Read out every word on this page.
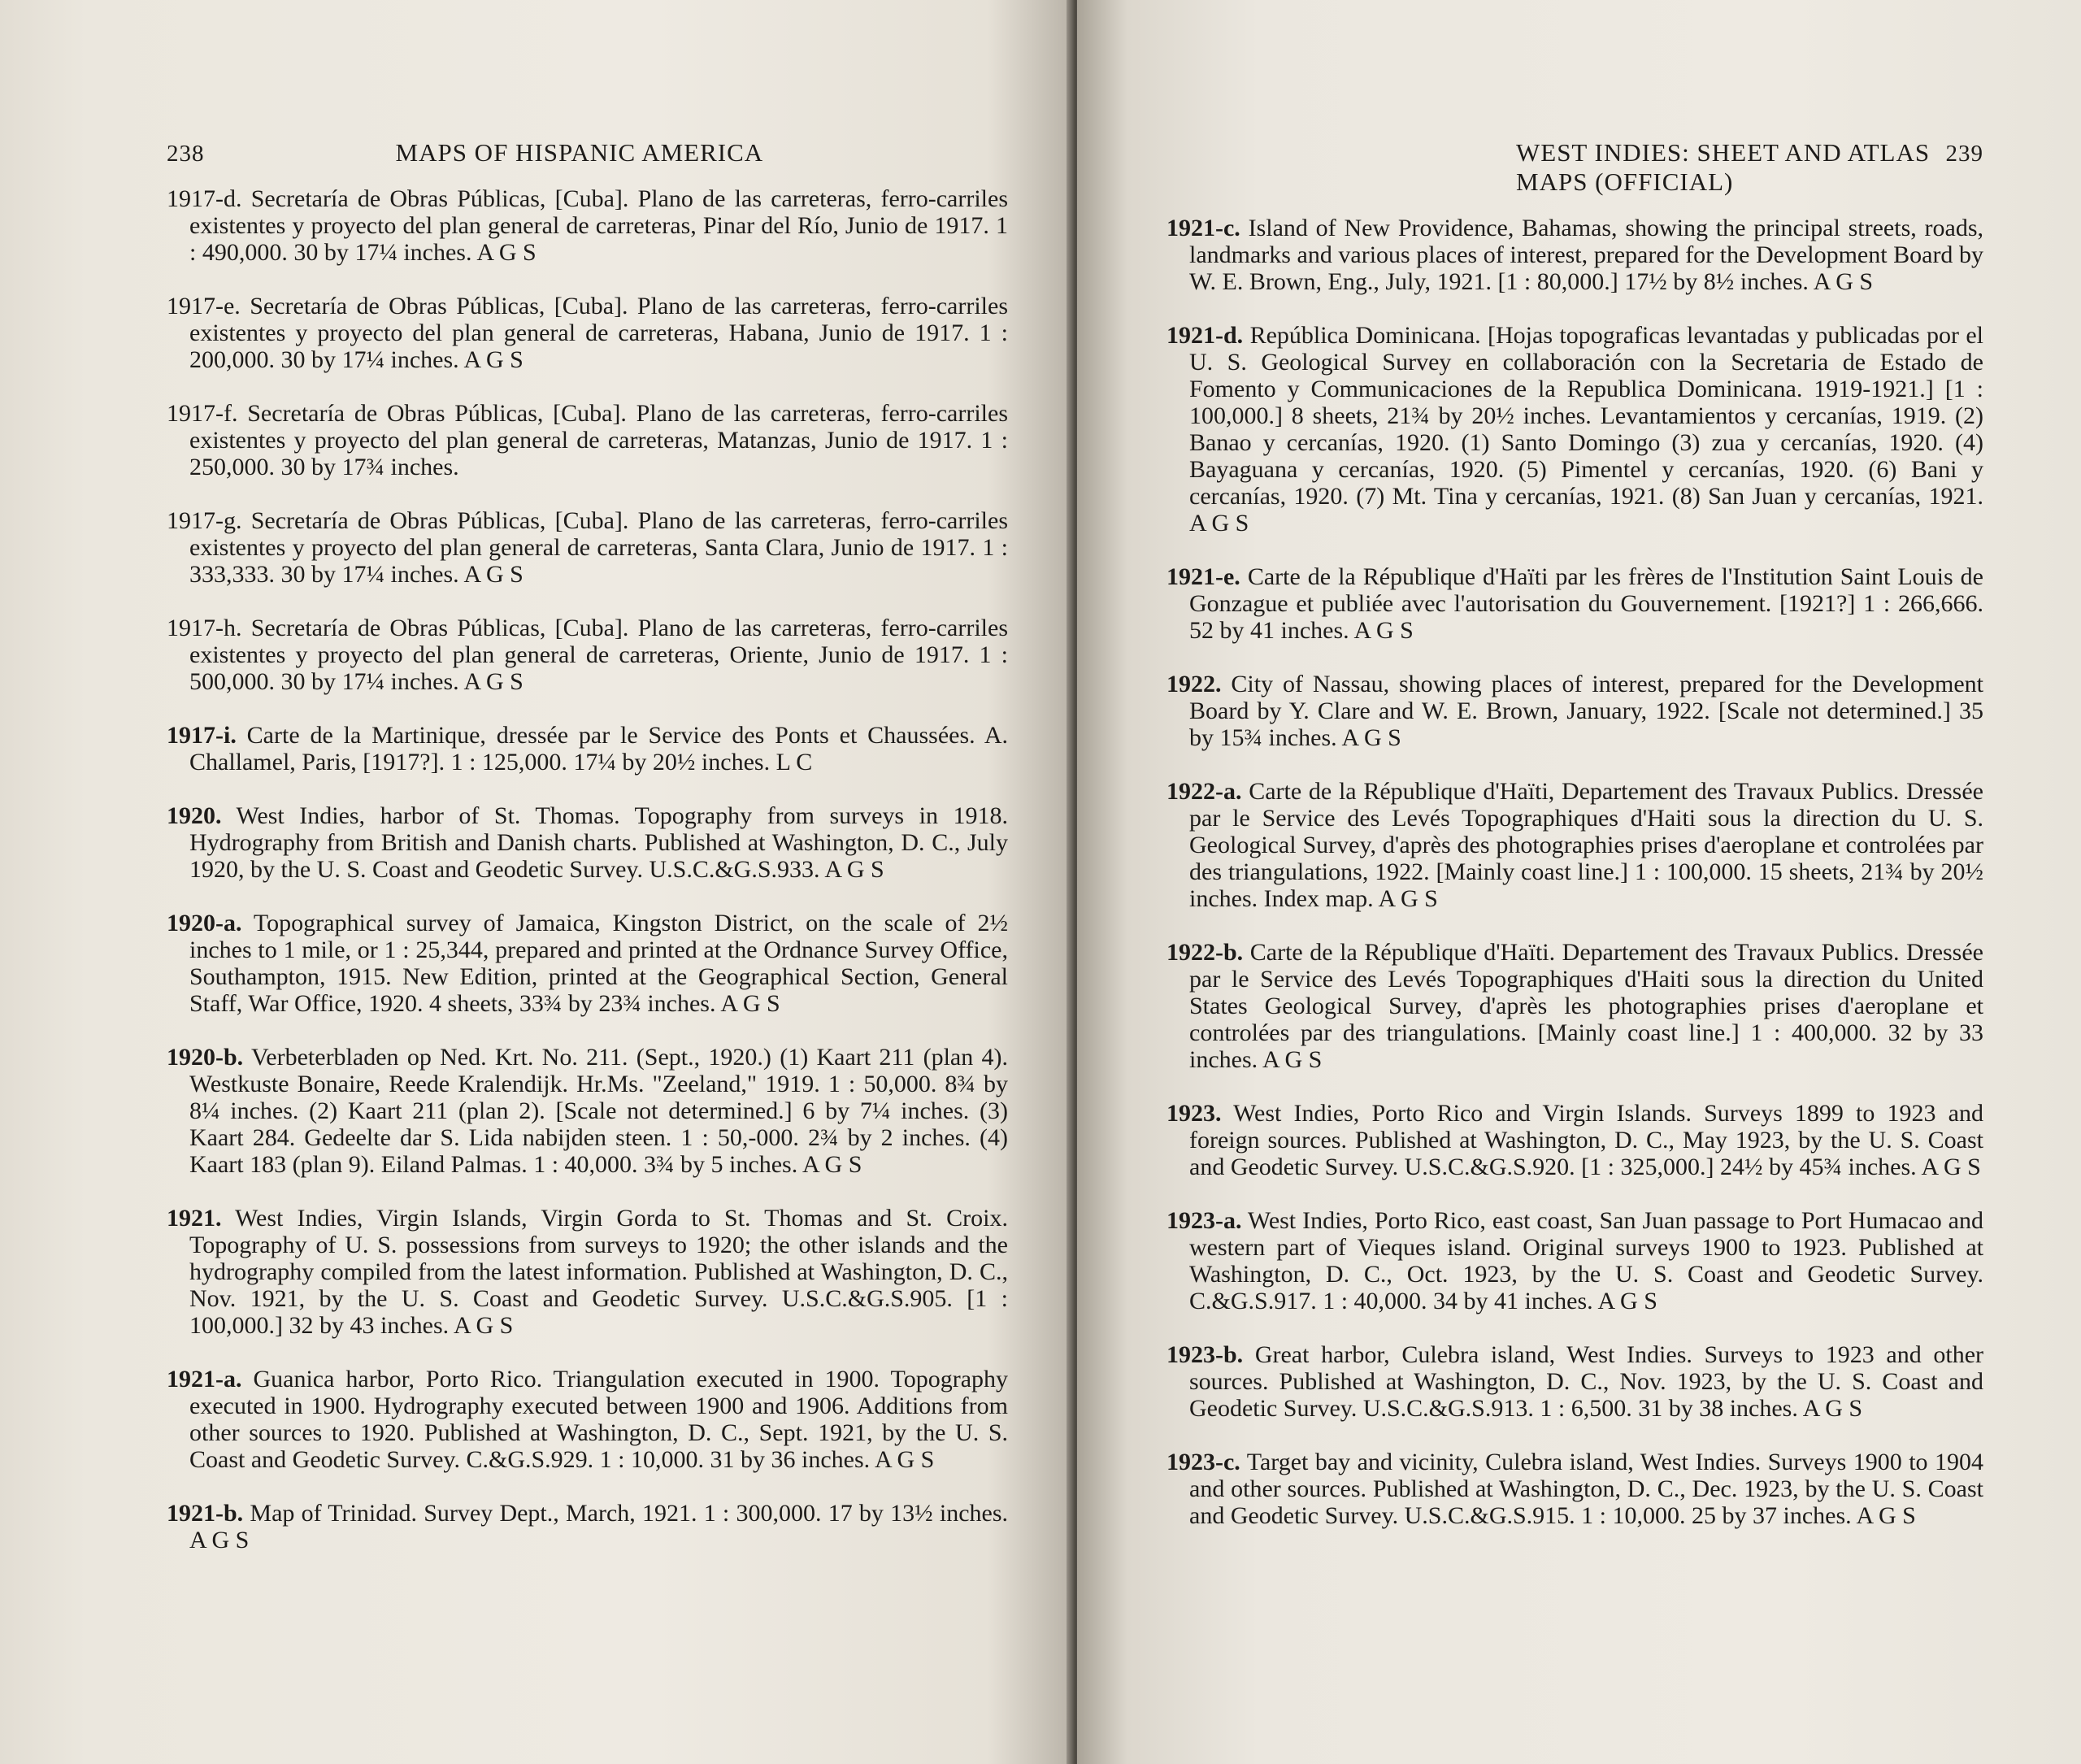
238	MAPS OF HISPANIC AMERICA

1917-d. Secretaría de Obras Públicas, [Cuba]. Plano de las carreteras, ferro-carriles existentes y proyecto del plan general de carreteras, Pinar del Río, Junio de 1917. 1 : 490,000. 30 by 17¼ inches. A G S

1917-e. Secretaría de Obras Públicas, [Cuba]. Plano de las carreteras, ferro-carriles existentes y proyecto del plan general de carreteras, Habana, Junio de 1917. 1 : 200,000. 30 by 17¼ inches. A G S

1917-f. Secretaría de Obras Públicas, [Cuba]. Plano de las carreteras, ferro-carriles existentes y proyecto del plan general de carreteras, Matanzas, Junio de 1917. 1 : 250,000. 30 by 17¾ inches.

1917-g. Secretaría de Obras Públicas, [Cuba]. Plano de las carreteras, ferro-carriles existentes y proyecto del plan general de carreteras, Santa Clara, Junio de 1917. 1 : 333,333. 30 by 17¼ inches. A G S

1917-h. Secretaría de Obras Públicas, [Cuba]. Plano de las carreteras, ferro-carriles existentes y proyecto del plan general de carreteras, Oriente, Junio de 1917. 1 : 500,000. 30 by 17¼ inches. A G S

1917-i. Carte de la Martinique, dressée par le Service des Ponts et Chaussées. A. Challamel, Paris, [1917?]. 1 : 125,000. 17¼ by 20½ inches. L C

1920. West Indies, harbor of St. Thomas. Topography from surveys in 1918. Hydrography from British and Danish charts. Published at Washington, D. C., July 1920, by the U. S. Coast and Geodetic Survey. U.S.C.&G.S.933. A G S

1920-a. Topographical survey of Jamaica, Kingston District, on the scale of 2½ inches to 1 mile, or 1 : 25,344, prepared and printed at the Ordnance Survey Office, Southampton, 1915. New Edition, printed at the Geographical Section, General Staff, War Office, 1920. 4 sheets, 33¾ by 23¾ inches. A G S

1920-b. Verbeterbladen op Ned. Krt. No. 211. (Sept., 1920.) (1) Kaart 211 (plan 4). Westkuste Bonaire, Reede Kralendijk. Hr.Ms. "Zeeland," 1919. 1 : 50,000. 8¾ by 8¼ inches. (2) Kaart 211 (plan 2). [Scale not determined.] 6 by 7¼ inches. (3) Kaart 284. Gedeelte dar S. Lida nabijden steen. 1 : 50,-000. 2¾ by 2 inches. (4) Kaart 183 (plan 9). Eiland Palmas. 1 : 40,000. 3¾ by 5 inches. A G S

1921. West Indies, Virgin Islands, Virgin Gorda to St. Thomas and St. Croix. Topography of U. S. possessions from surveys to 1920; the other islands and the hydrography compiled from the latest information. Published at Washington, D. C., Nov. 1921, by the U. S. Coast and Geodetic Survey. U.S.C.&G.S.905. [1 : 100,000.] 32 by 43 inches. A G S

1921-a. Guanica harbor, Porto Rico. Triangulation executed in 1900. Topography executed in 1900. Hydrography executed between 1900 and 1906. Additions from other sources to 1920. Published at Washington, D. C., Sept. 1921, by the U. S. Coast and Geodetic Survey. C.&G.S.929. 1 : 10,000. 31 by 36 inches. A G S

1921-b. Map of Trinidad. Survey Dept., March, 1921. 1 : 300,000. 17 by 13½ inches. A G S

WEST INDIES: SHEET AND ATLAS MAPS (OFFICIAL)
239

1921-c. Island of New Providence, Bahamas, showing the principal streets, roads, landmarks and various places of interest, prepared for the Development Board by W. E. Brown, Eng., July, 1921. [1 : 80,000.] 17½ by 8½ inches. A G S

1921-d. República Dominicana. [Hojas topograficas levantadas y publicadas por el U. S. Geological Survey en collaboración con la Secretaria de Estado de Fomento y Communicaciones de la Republica Dominicana. 1919-1921.] [1 : 100,000.] 8 sheets, 21¾ by 20½ inches. Levantamientos y cercanías, 1919. (2) Banao y cercanías, 1920. (1) Santo Domingo (3) zua y cercanías, 1920. (4) Bayaguana y cercanías, 1920. (5) Pimentel y cercanías, 1920. (6) Bani y cercanías, 1920. (7) Mt. Tina y cercanías, 1921. (8) San Juan y cercanías, 1921. A G S

1921-e. Carte de la République d'Haïti par les frères de l'Institution Saint Louis de Gonzague et publiée avec l'autorisation du Gouvernement. [1921?] 1 : 266,666. 52 by 41 inches. A G S

1922. City of Nassau, showing places of interest, prepared for the Development Board by Y. Clare and W. E. Brown, January, 1922. [Scale not determined.] 35 by 15¾ inches. A G S

1922-a. Carte de la République d'Haïti, Departement des Travaux Publics. Dressée par le Service des Levés Topographiques d'Haiti sous la direction du U. S. Geological Survey, d'après des photographies prises d'aeroplane et controlées par des triangulations, 1922. [Mainly coast line.] 1 : 100,000. 15 sheets, 21¾ by 20½ inches. Index map. A G S

1922-b. Carte de la République d'Haïti. Departement des Travaux Publics. Dressée par le Service des Levés Topographiques d'Haiti sous la direction du United States Geological Survey, d'après les photographies prises d'aeroplane et controlées par des triangulations. [Mainly coast line.] 1 : 400,000. 32 by 33 inches. A G S

1923. West Indies, Porto Rico and Virgin Islands. Surveys 1899 to 1923 and foreign sources. Published at Washington, D. C., May 1923, by the U. S. Coast and Geodetic Survey. U.S.C.&G.S.920. [1 : 325,000.] 24½ by 45¾ inches. A G S

1923-a. West Indies, Porto Rico, east coast, San Juan passage to Port Humacao and western part of Vieques island. Original surveys 1900 to 1923. Published at Washington, D. C., Oct. 1923, by the U. S. Coast and Geodetic Survey. C.&G.S.917. 1 : 40,000. 34 by 41 inches. A G S

1923-b. Great harbor, Culebra island, West Indies. Surveys to 1923 and other sources. Published at Washington, D. C., Nov. 1923, by the U. S. Coast and Geodetic Survey. U.S.C.&G.S.913. 1 : 6,500. 31 by 38 inches. A G S

1923-c. Target bay and vicinity, Culebra island, West Indies. Surveys 1900 to 1904 and other sources. Published at Washington, D. C., Dec. 1923, by the U. S. Coast and Geodetic Survey. U.S.C.&G.S.915. 1 : 10,000. 25 by 37 inches. A G S
